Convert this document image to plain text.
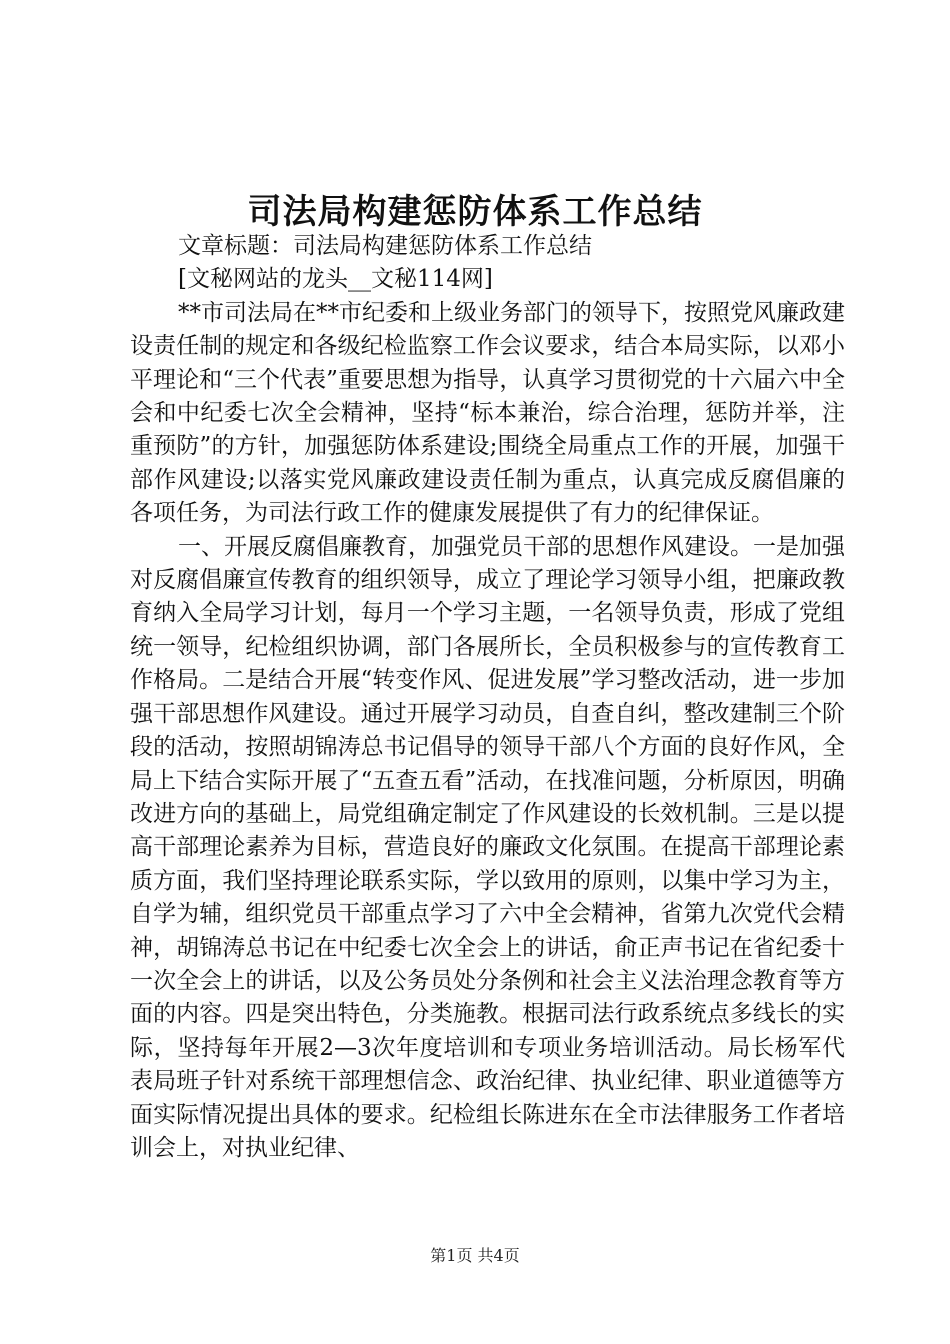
司法局构建惩防体系工作总结

文章标题：司法局构建惩防体系工作总结

[文秘网站的龙头__文秘114网]

**市司法局在**市纪委和上级业务部门的领导下，按照党风廉政建设责任制的规定和各级纪检监察工作会议要求，结合本局实际，以邓小平理论和“三个代表”重要思想为指导，认真学习贯彻党的十六届六中全会和中纪委七次全会精神，坚持“标本兼治，综合治理，惩防并举，注重预防”的方针，加强惩防体系建设;围绕全局重点工作的开展，加强干部作风建设;以落实党风廉政建设责任制为重点，认真完成反腐倡廉的各项任务，为司法行政工作的健康发展提供了有力的纪律保证。

一、开展反腐倡廉教育，加强党员干部的思想作风建设。一是加强对反腐倡廉宣传教育的组织领导，成立了理论学习领导小组，把廉政教育纳入全局学习计划，每月一个学习主题，一名领导负责，形成了党组统一领导，纪检组织协调，部门各展所长，全员积极参与的宣传教育工作格局。二是结合开展“转变作风、促进发展”学习整改活动，进一步加强干部思想作风建设。通过开展学习动员，自查自纠，整改建制三个阶段的活动，按照胡锦涛总书记倡导的领导干部八个方面的良好作风，全局上下结合实际开展了“五查五看”活动，在找准问题，分析原因，明确改进方向的基础上，局党组确定制定了作风建设的长效机制。三是以提高干部理论素养为目标，营造良好的廉政文化氛围。在提高干部理论素质方面，我们坚持理论联系实际，学以致用的原则，以集中学习为主，自学为辅，组织党员干部重点学习了六中全会精神，省第九次党代会精神，胡锦涛总书记在中纪委七次全会上的讲话，俞正声书记在省纪委十一次全会上的讲话，以及公务员处分条例和社会主义法治理念教育等方面的内容。四是突出特色，分类施教。根据司法行政系统点多线长的实际，坚持每年开展2—3次年度培训和专项业务培训活动。局长杨军代表局班子针对系统干部理想信念、政治纪律、执业纪律、职业道德等方面实际情况提出具体的要求。纪检组长陈进东在全市法律服务工作者培训会上，对执业纪律、

第1页 共4页
